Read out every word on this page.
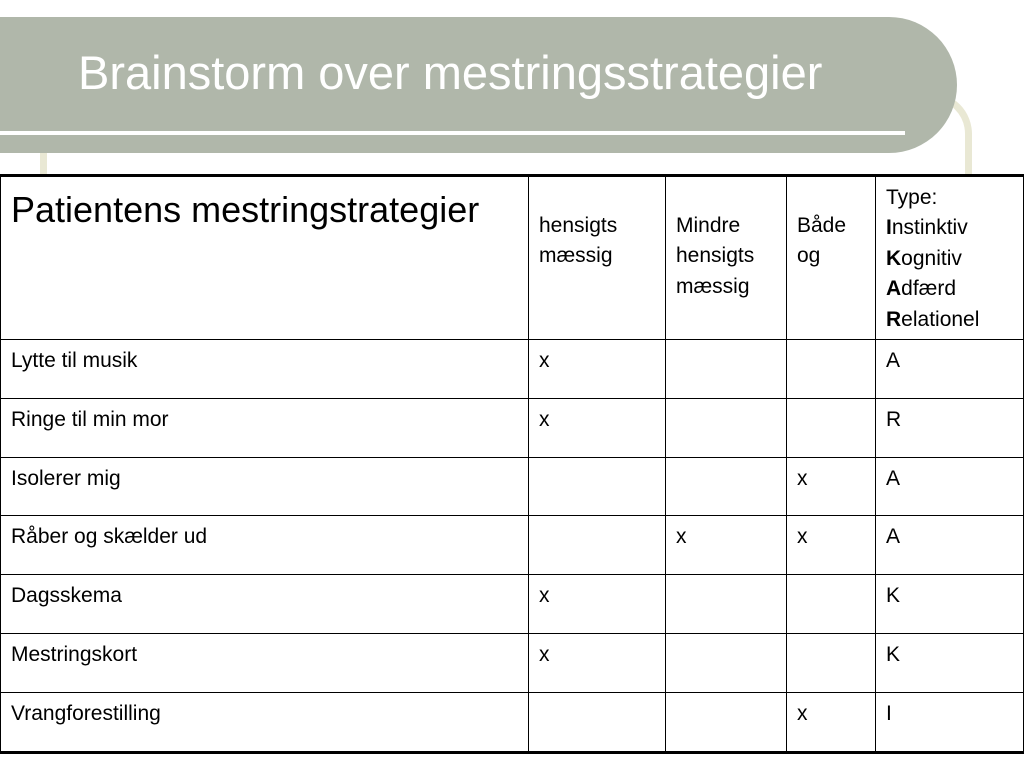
Brainstorm over mestringsstrategier
Patientens mestringstrategier	hensigts mæssig	Mindre hensigts mæssig	Både og	Type:
Instinktiv
Kognitiv
Adfærd
Relationel

Lytte til musik	x			A
Ringe til min mor	x			R
Isolerer mig			x	A
Råber og skælder ud		x	x	A
Dagsskema	x			K
Mestringskort	x			K
Vrangforestilling			x	I
